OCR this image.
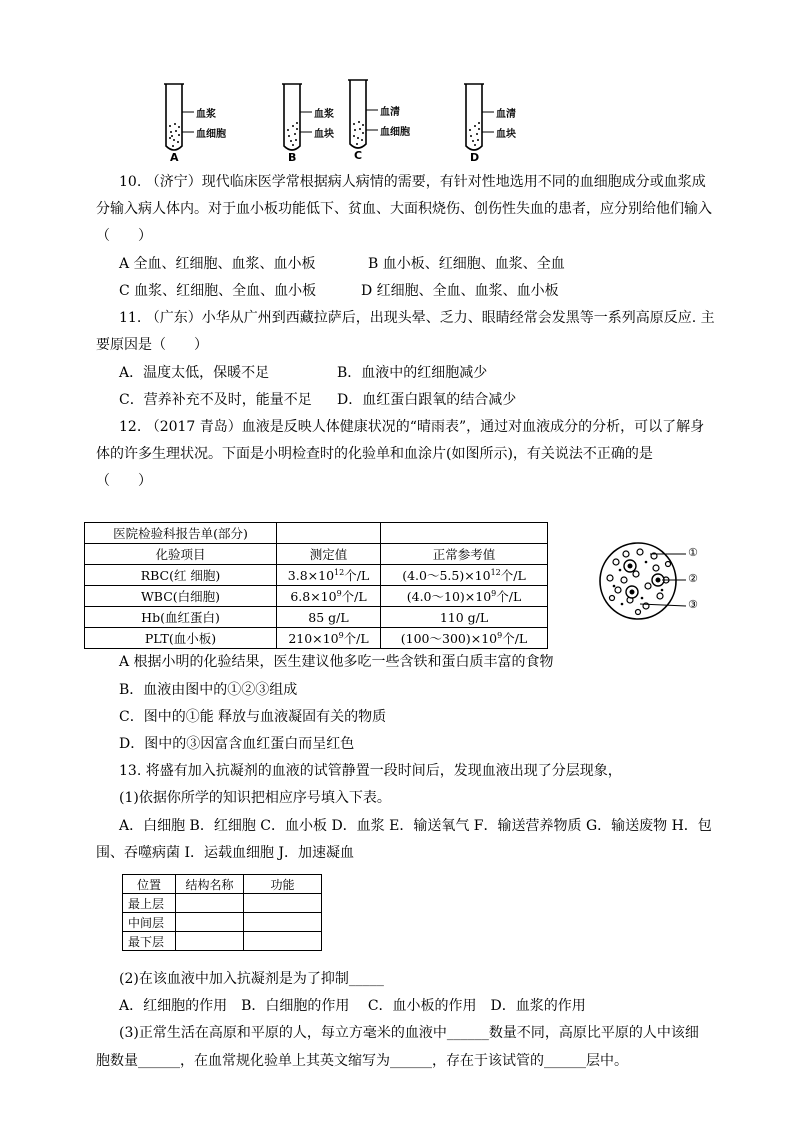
血浆
血细胞
A
血浆
血块
B
血清
血细胞
C
血清
血块
D
10. （济宁）现代临床医学常根据病人病情的需要，有针对性地选用不同的血细胞成分或血浆成
分输入病人体内。对于血小板功能低下、贫血、大面积烧伤、创伤性失血的患者，应分别给他们输入
（　　）
A 全血、红细胞、血浆、血小板	B 血小板、红细胞、血浆、全血
C 血浆、红细胞、全血、血小板	D 红细胞、全血、血浆、血小板
11. （广东）小华从广州到西藏拉萨后，出现头晕、乏力、眼睛经常会发黑等一系列高原反应. 主
要原因是（　　）
A．温度太低，保暖不足	B．血液中的红细胞减少
C．营养补充不及时，能量不足 D．血红蛋白跟氧的结合减少
12. （2017 青岛）血液是反映人体健康状况的“晴雨表”，通过对血液成分的分析，可以了解身
体的许多生理状况。下面是小明检查时的化验单和血涂片(如图所示)，有关说法不正确的是
（　　）
医院检验科报告单(部分)		
化验项目	测定值	正常参考值
RBC(红 细胞)	$3.8\times 10^{12}$个/L	$(4.0\sim 5.5)\times 10^{12}$个/L
WBC(白细胞)	$6.8\times 10^9$个/L	$(4.0\sim 10)\times 10^9$个/L
Hb(血红蛋白)	85 g/L	110 g/L
PLT(血小板)	$210\times 10^9$个/L	$(100\sim 300)\times 10^9$个/L
①
②
③
A 根据小明的化验结果，医生建议他多吃一些含铁和蛋白质丰富的食物
B．血液由图中的①②③组成
C．图中的①能 释放与血液凝固有关的物质
D．图中的③因富含血红蛋白而呈红色
13. 将盛有加入抗凝剂的血液的试管静置一段时间后，发现血液出现了分层现象，
(1)依据你所学的知识把相应序号填入下表。
A．白细胞 B．红细胞 C．血小板 D．血浆 E．输送氧气 F．输送营养物质 G．输送废物 H．包
围、吞噬病菌 I．运载血细胞 J．加速凝血
位置	结构名称	功能
最上层		
中间层		
最下层		
(2)在该血液中加入抗凝剂是为了抑制_____
A．红细胞的作用　B．白细胞的作用　 C．血小板的作用　D．血浆的作用
(3)正常生活在高原和平原的人，每立方毫米的血液中______数量不同，高原比平原的人中该细
胞数量______，在血常规化验单上其英文缩写为______，存在于该试管的______层中。
